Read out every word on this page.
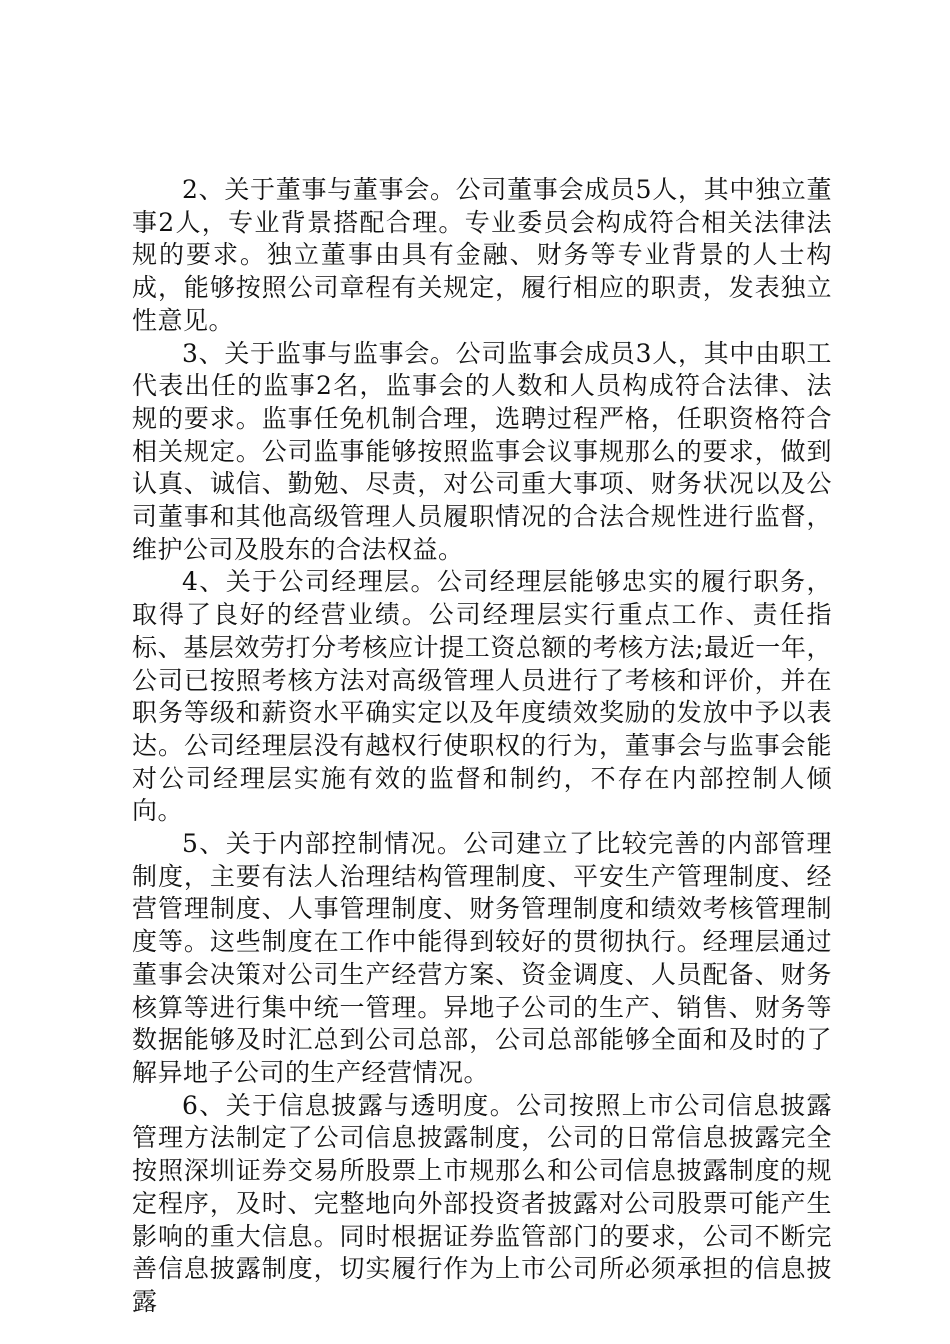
2、关于董事与董事会。公司董事会成员5人，其中独立董事2人，专业背景搭配合理。专业委员会构成符合相关法律法规的要求。独立董事由具有金融、财务等专业背景的人士构成，能够按照公司章程有关规定，履行相应的职责，发表独立性意见。

3、关于监事与监事会。公司监事会成员3人，其中由职工代表出任的监事2名，监事会的人数和人员构成符合法律、法规的要求。监事任免机制合理，选聘过程严格，任职资格符合相关规定。公司监事能够按照监事会议事规那么的要求，做到认真、诚信、勤勉、尽责，对公司重大事项、财务状况以及公司董事和其他高级管理人员履职情况的合法合规性进行监督，维护公司及股东的合法权益。

4、关于公司经理层。公司经理层能够忠实的履行职务，取得了良好的经营业绩。公司经理层实行重点工作、责任指标、基层效劳打分考核应计提工资总额的考核方法;最近一年，公司已按照考核方法对高级管理人员进行了考核和评价，并在职务等级和薪资水平确实定以及年度绩效奖励的发放中予以表达。公司经理层没有越权行使职权的行为，董事会与监事会能对公司经理层实施有效的监督和制约，不存在内部控制人倾向。

5、关于内部控制情况。公司建立了比较完善的内部管理制度，主要有法人治理结构管理制度、平安生产管理制度、经营管理制度、人事管理制度、财务管理制度和绩效考核管理制度等。这些制度在工作中能得到较好的贯彻执行。经理层通过董事会决策对公司生产经营方案、资金调度、人员配备、财务核算等进行集中统一管理。异地子公司的生产、销售、财务等数据能够及时汇总到公司总部，公司总部能够全面和及时的了解异地子公司的生产经营情况。

6、关于信息披露与透明度。公司按照上市公司信息披露管理方法制定了公司信息披露制度，公司的日常信息披露完全按照深圳证券交易所股票上市规那么和公司信息披露制度的规定程序，及时、完整地向外部投资者披露对公司股票可能产生影响的重大信息。同时根据证券监管部门的要求，公司不断完善信息披露制度，切实履行作为上市公司所必须承担的信息披露
